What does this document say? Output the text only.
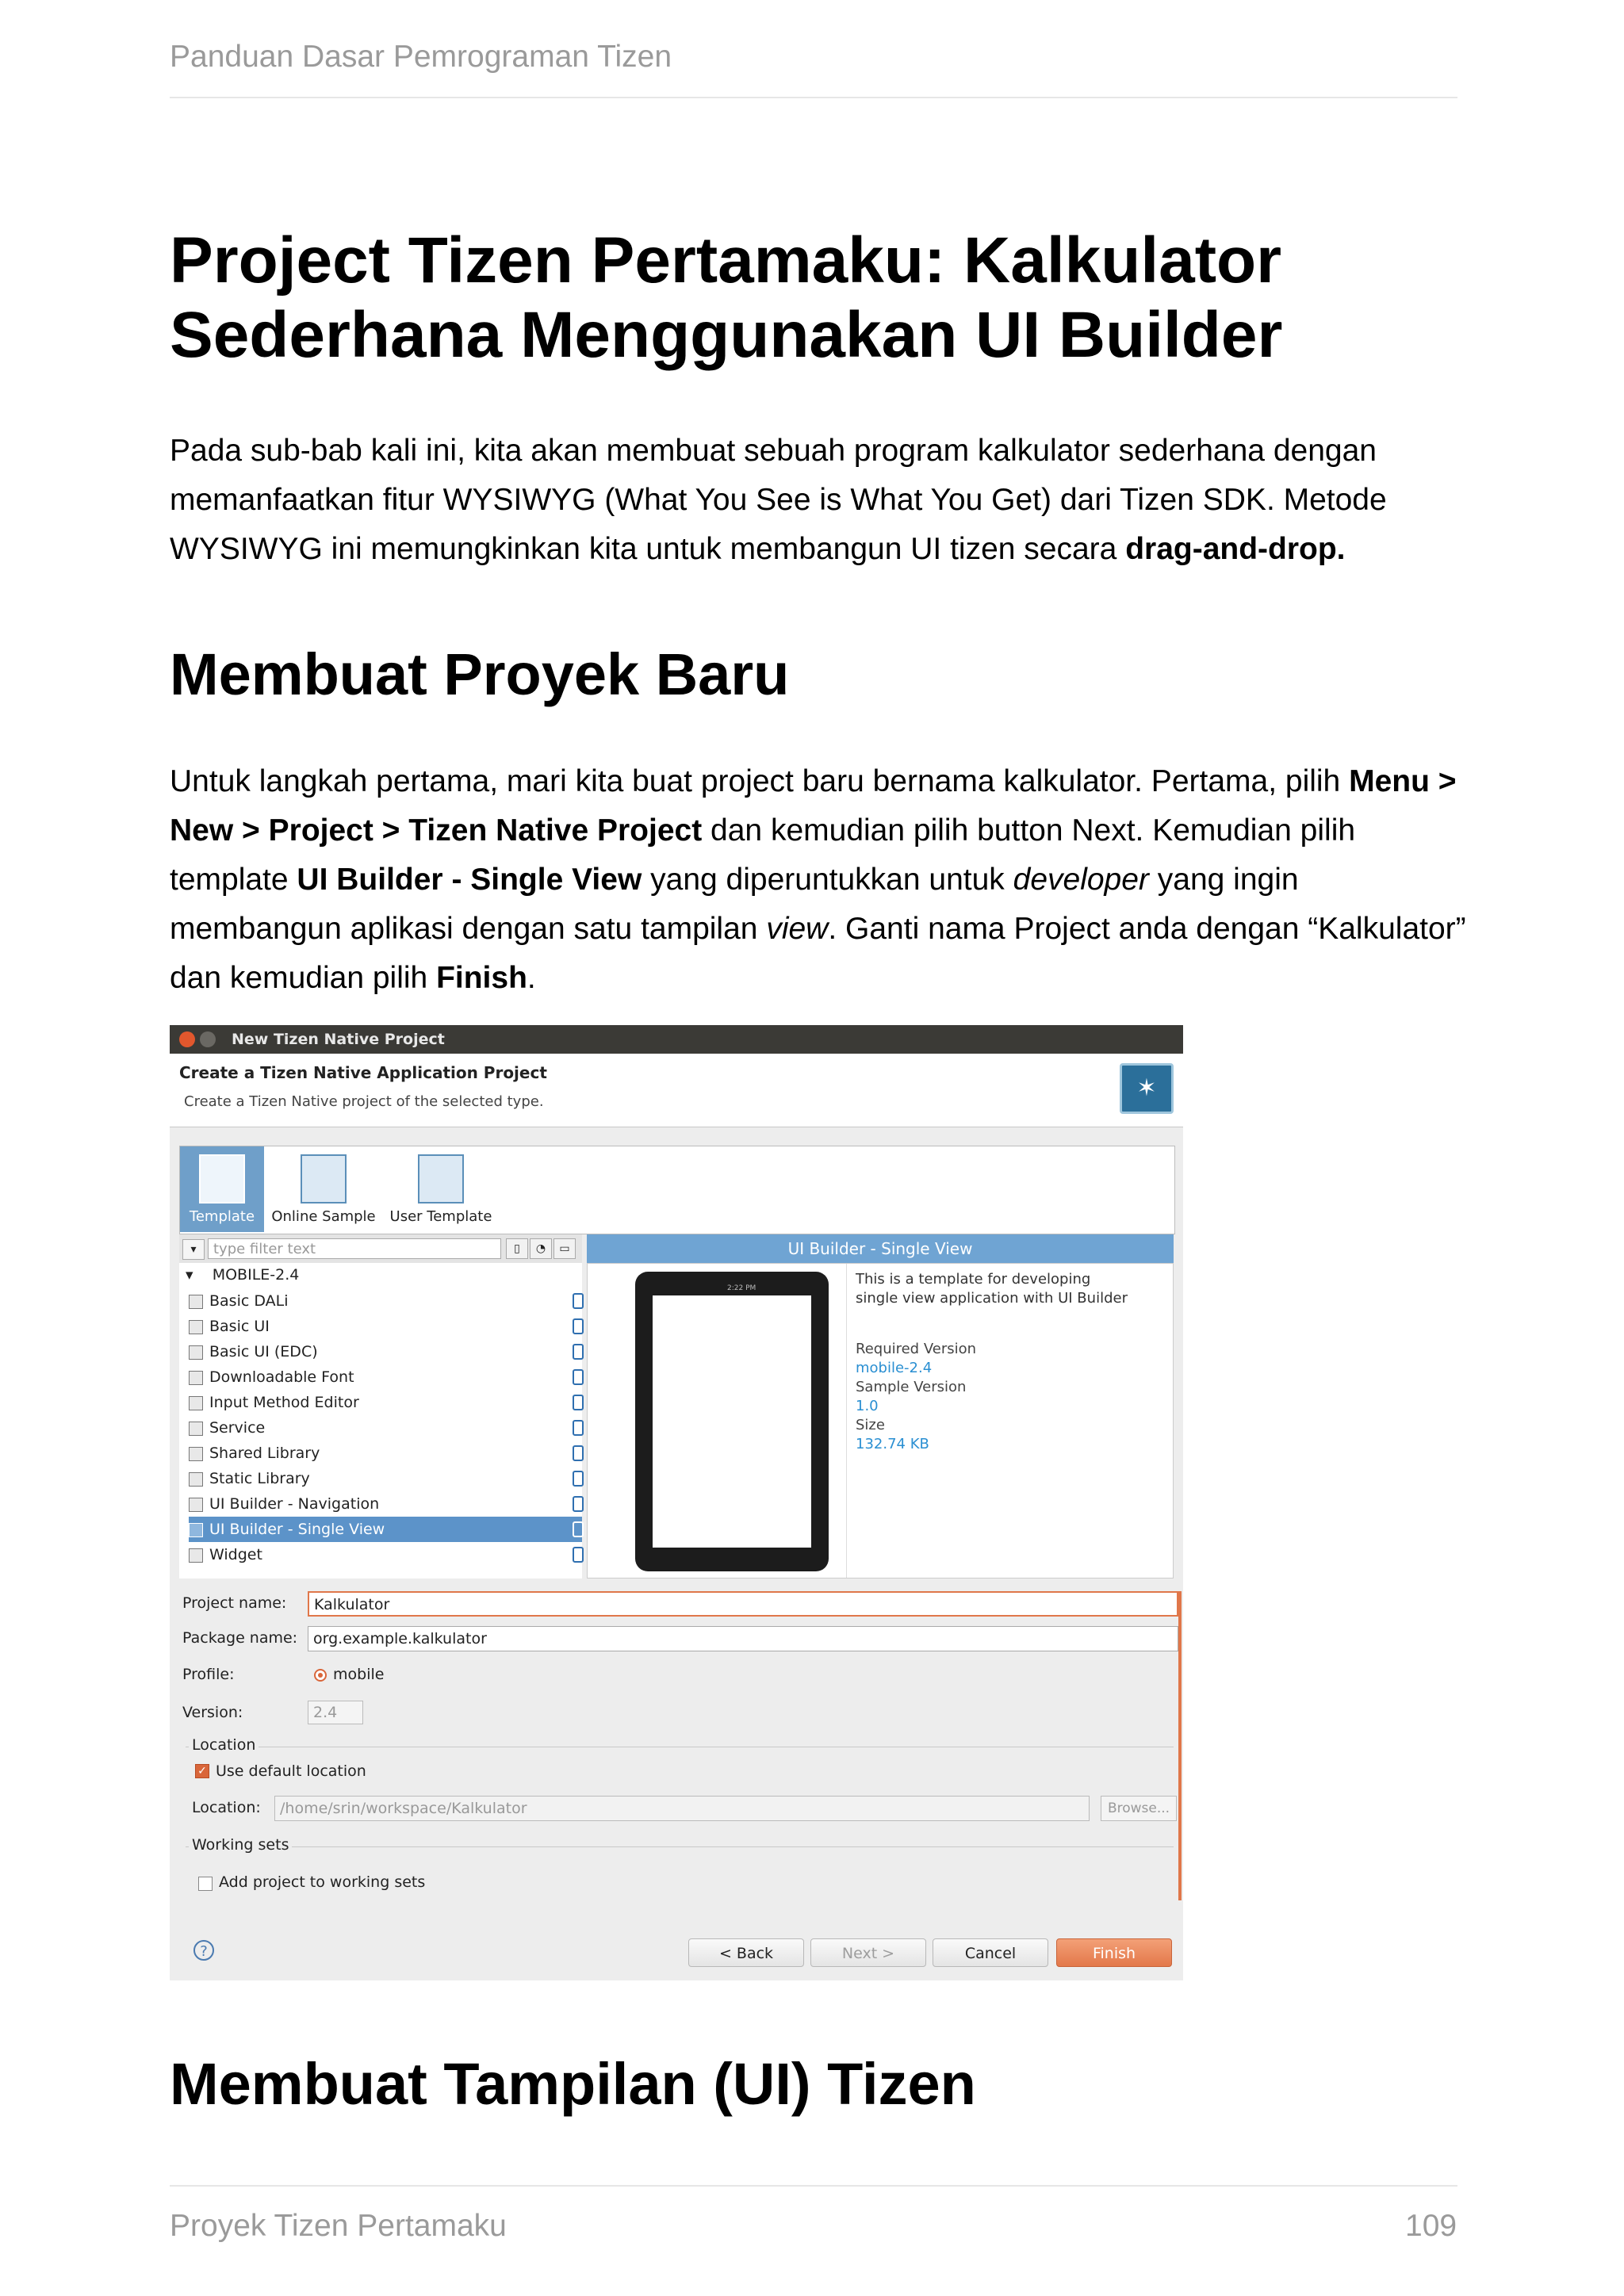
Panduan Dasar Pemrograman Tizen
Project Tizen Pertamaku: Kalkulator
Sederhana Menggunakan UI Builder

Pada sub-bab kali ini, kita akan membuat sebuah program kalkulator sederhana dengan memanfaatkan fitur WYSIWYG (What You See is What You Get) dari Tizen SDK. Metode WYSIWYG ini memungkinkan kita untuk membangun UI tizen secara drag-and-drop.

Membuat Proyek Baru

Untuk langkah pertama, mari kita buat project baru bernama kalkulator. Pertama, pilih Menu > New > Project > Tizen Native Project dan kemudian pilih button Next. Kemudian pilih template UI Builder - Single View yang diperuntukkan untuk developer yang ingin membangun aplikasi dengan satu tampilan view. Ganti nama Project anda dengan “Kalkulator” dan kemudian pilih Finish.

New Tizen Native Project
Create a Tizen Native Application Project
Create a Tizen Native project of the selected type.	✶
Template	Online Sample User Template
▾	type filter text	▯	◔	▭
▾    MOBILE-2.4
Basic DALi
Basic UI
Basic UI (EDC)
Downloadable Font
Input Method Editor
Service
Shared Library
Static Library
UI Builder - Navigation
UI Builder - Single View
Widget
UI Builder - Single View
2:22 PM
This is a template for developing
single view application with UI Builder
Required Version
mobile-2.4
Sample Version
1.0
Size
132.74 KB
Project name:	Kalkulator
Package name:	org.example.kalkulator
Profile:	mobile
Version:	2.4
Location
✓ Use default location
Location:	/home/srin/workspace/Kalkulator	Browse...
Working sets
Add project to working sets
?	< Back	Next >	Cancel	Finish
Membuat Tampilan (UI) Tizen
Proyek Tizen Pertamaku	109
